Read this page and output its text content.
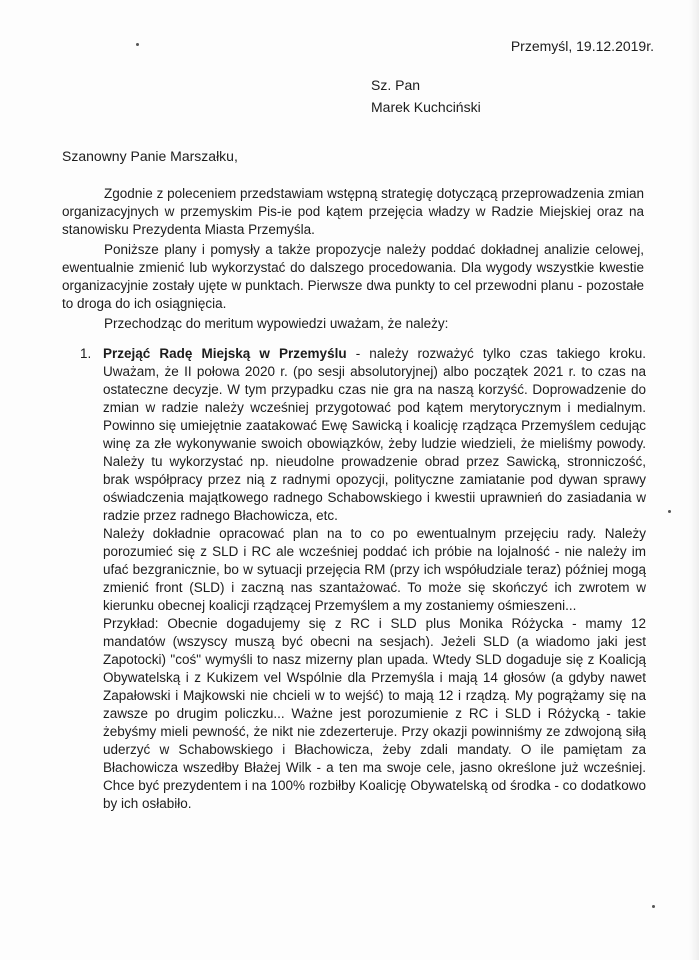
Przemyśl, 19.12.2019r.
Sz. Pan
Marek Kuchciński
Szanowny Panie Marszałku,

Zgodnie z poleceniem przedstawiam wstępną strategię dotyczącą przeprowadzenia zmian organizacyjnych w przemyskim Pis-ie pod kątem przejęcia władzy w Radzie Miejskiej oraz na stanowisku Prezydenta Miasta Przemyśla.

Poniższe plany i pomysły a także propozycje należy poddać dokładnej analizie celowej, ewentualnie zmienić lub wykorzystać do dalszego procedowania. Dla wygody wszystkie kwestie organizacyjnie zostały ujęte w punktach. Pierwsze dwa punkty to cel przewodni planu - pozostałe to droga do ich osiągnięcia.

Przechodząc do meritum wypowiedzi uważam, że należy:

1. Przejąć Radę Miejską w Przemyślu - należy rozważyć tylko czas takiego kroku. Uważam, że II połowa 2020 r. (po sesji absolutoryjnej) albo początek 2021 r. to czas na ostateczne decyzje. W tym przypadku czas nie gra na naszą korzyść. Doprowadzenie do zmian w radzie należy wcześniej przygotować pod kątem merytorycznym i medialnym. Powinno się umiejętnie zaatakować Ewę Sawicką i koalicję rządząca Przemyślem cedując winę za złe wykonywanie swoich obowiązków, żeby ludzie wiedzieli, że mieliśmy powody. Należy tu wykorzystać np. nieudolne prowadzenie obrad przez Sawicką, stronniczość, brak współpracy przez nią z radnymi opozycji, polityczne zamiatanie pod dywan sprawy oświadczenia majątkowego radnego Schabowskiego i kwestii uprawnień do zasiadania w radzie przez radnego Błachowicza, etc.

Należy dokładnie opracować plan na to co po ewentualnym przejęciu rady. Należy porozumieć się z SLD i RC ale wcześniej poddać ich próbie na lojalność - nie należy im ufać bezgranicznie, bo w sytuacji przejęcia RM (przy ich współudziale teraz) później mogą zmienić front (SLD) i zaczną nas szantażować. To może się skończyć ich zwrotem w kierunku obecnej koalicji rządzącej Przemyślem a my zostaniemy ośmieszeni...

Przykład: Obecnie dogadujemy się z RC i SLD plus Monika Różycka - mamy 12 mandatów (wszyscy muszą być obecni na sesjach). Jeżeli SLD (a wiadomo jaki jest Zapotocki) "coś" wymyśli to nasz mizerny plan upada. Wtedy SLD dogaduje się z Koalicją Obywatelską i z Kukizem vel Wspólnie dla Przemyśla i mają 14 głosów (a gdyby nawet Zapałowski i Majkowski nie chcieli w to wejść) to mają 12 i rządzą. My pogrążamy się na zawsze po drugim policzku... Ważne jest porozumienie z RC i SLD i Różycką - takie żebyśmy mieli pewność, że nikt nie zdezerteruje. Przy okazji powinniśmy ze zdwojoną siłą uderzyć w Schabowskiego i Błachowicza, żeby zdali mandaty. O ile pamiętam za Błachowicza wszedłby Błażej Wilk - a ten ma swoje cele, jasno określone już wcześniej. Chce być prezydentem i na 100% rozbiłby Koalicję Obywatelską od środka - co dodatkowo by ich osłabiło.
